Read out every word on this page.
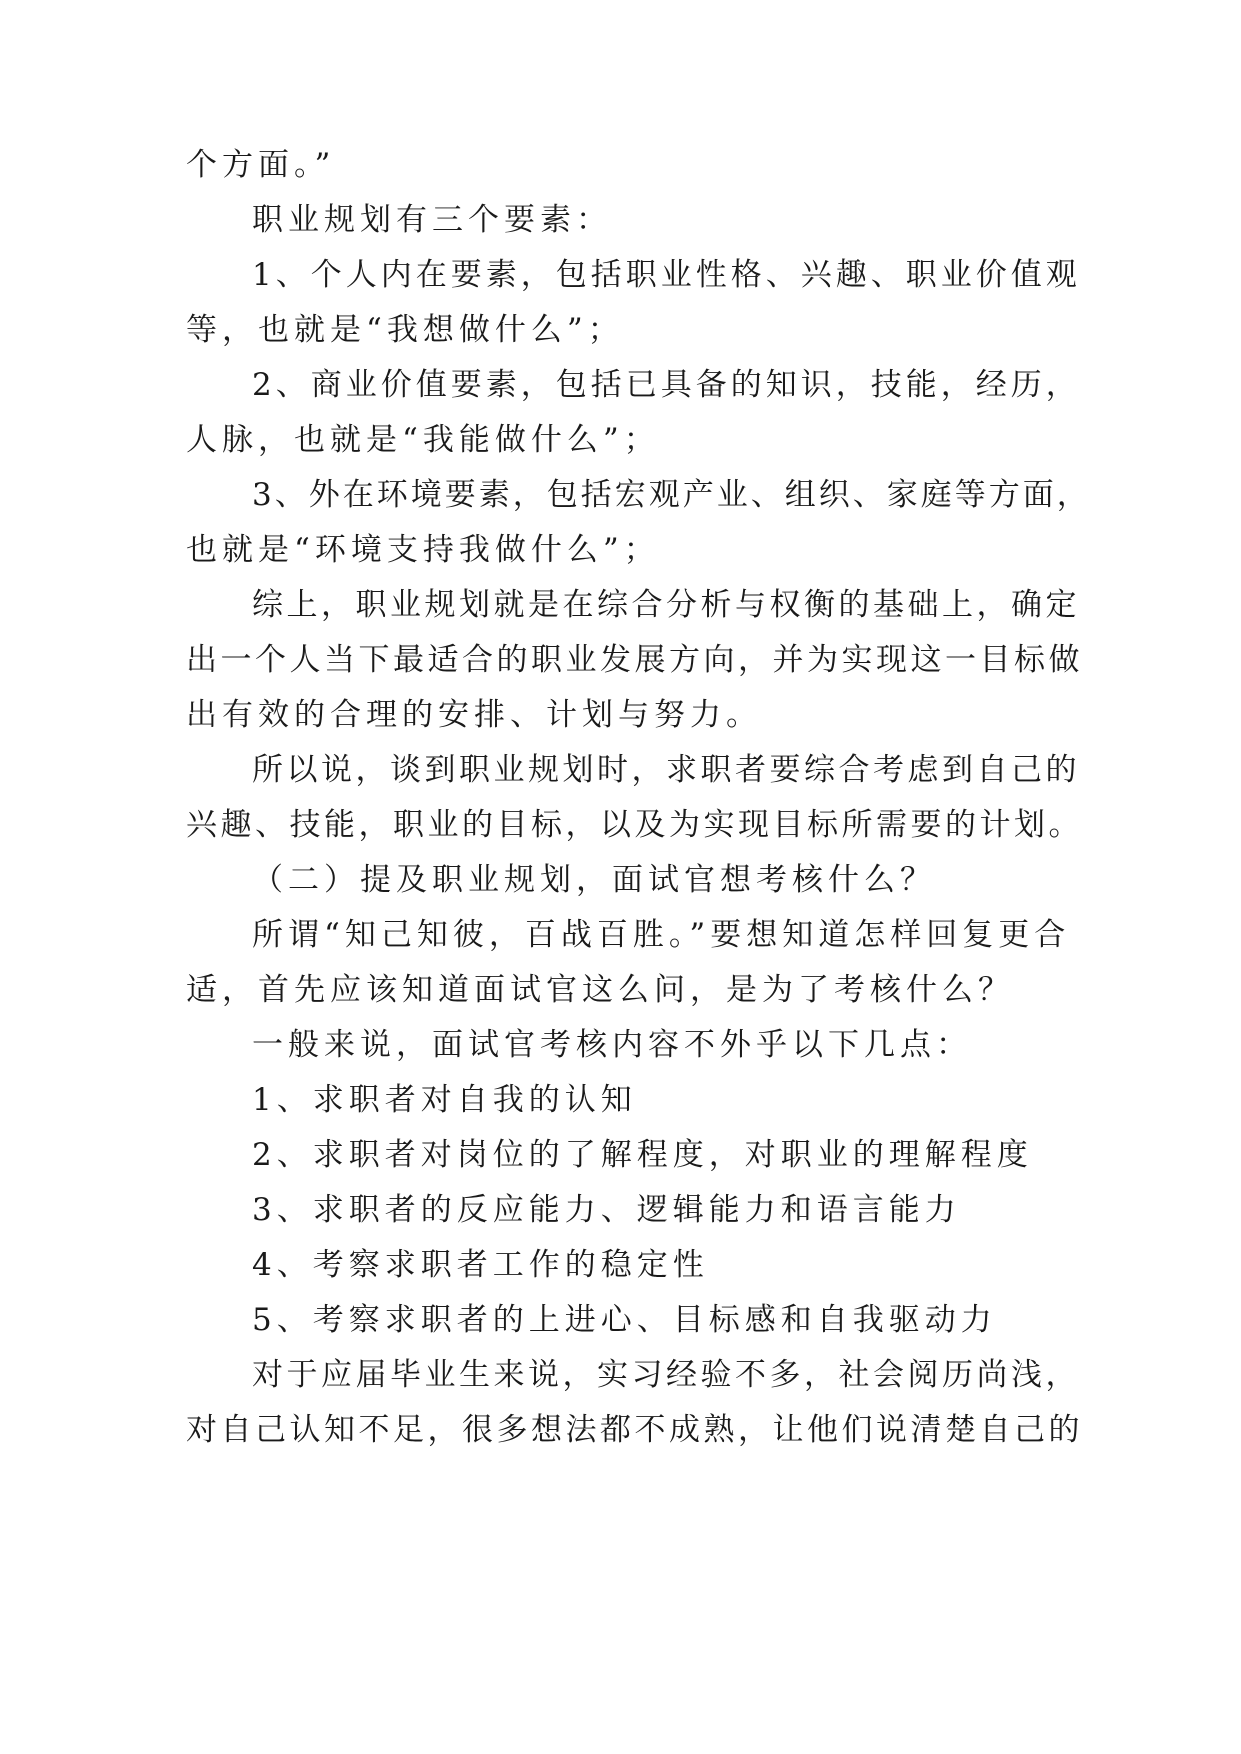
个方面。”
职业规划有三个要素：
1、个人内在要素，包括职业性格、兴趣、职业价值观
等，也就是“我想做什么”；
2、商业价值要素，包括已具备的知识，技能，经历，
人脉，也就是“我能做什么”；
3、外在环境要素，包括宏观产业、组织、家庭等方面，
也就是“环境支持我做什么”；
综上，职业规划就是在综合分析与权衡的基础上，确定
出一个人当下最适合的职业发展方向，并为实现这一目标做
出有效的合理的安排、计划与努力。
所以说，谈到职业规划时，求职者要综合考虑到自己的
兴趣、技能，职业的目标，以及为实现目标所需要的计划。
（二）提及职业规划，面试官想考核什么？
所谓“知己知彼，百战百胜。”要想知道怎样回复更合
适，首先应该知道面试官这么问，是为了考核什么？
一般来说，面试官考核内容不外乎以下几点：
1、求职者对自我的认知
2、求职者对岗位的了解程度，对职业的理解程度
3、求职者的反应能力、逻辑能力和语言能力
4、考察求职者工作的稳定性
5、考察求职者的上进心、目标感和自我驱动力
对于应届毕业生来说，实习经验不多，社会阅历尚浅，
对自己认知不足，很多想法都不成熟，让他们说清楚自己的
